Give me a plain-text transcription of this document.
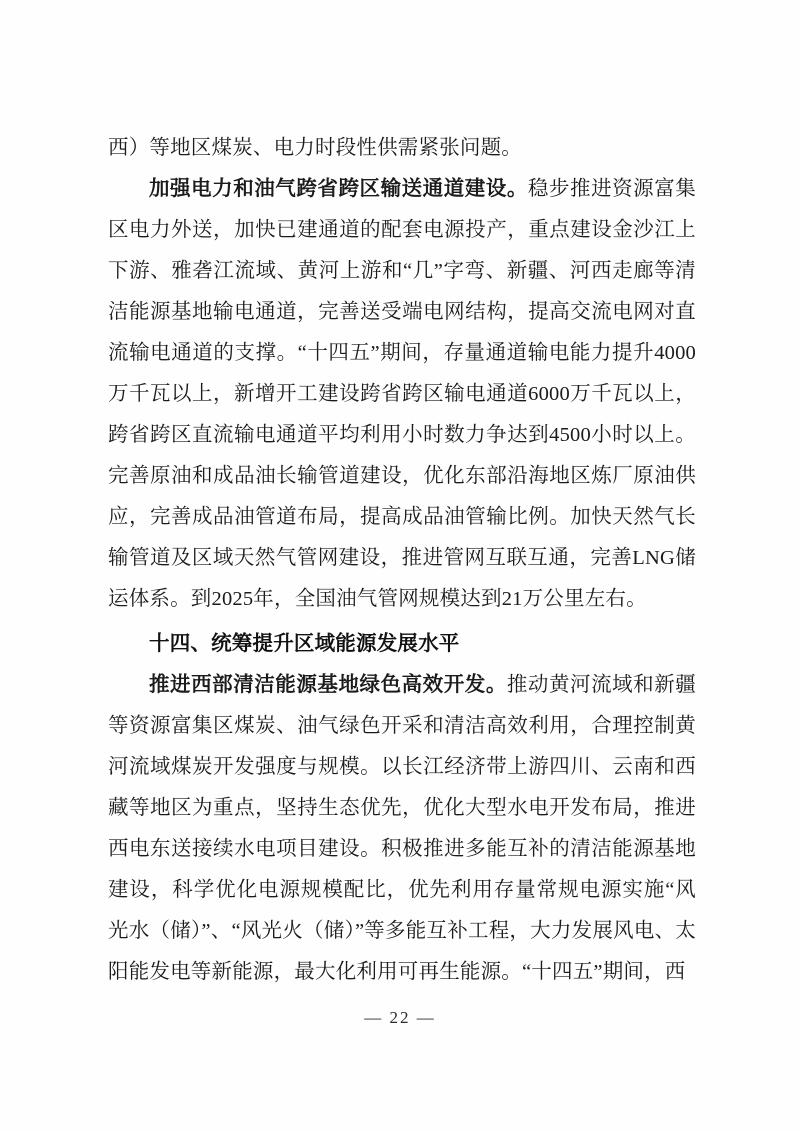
西）等地区煤炭、电力时段性供需紧张问题。

加强电力和油气跨省跨区输送通道建设。稳步推进资源富集区电力外送，加快已建通道的配套电源投产，重点建设金沙江上下游、雅砻江流域、黄河上游和“几”字弯、新疆、河西走廊等清洁能源基地输电通道，完善送受端电网结构，提高交流电网对直流输电通道的支撑。“十四五”期间，存量通道输电能力提升4000万千瓦以上，新增开工建设跨省跨区输电通道6000万千瓦以上，跨省跨区直流输电通道平均利用小时数力争达到4500小时以上。完善原油和成品油长输管道建设，优化东部沿海地区炼厂原油供应，完善成品油管道布局，提高成品油管输比例。加快天然气长输管道及区域天然气管网建设，推进管网互联互通，完善LNG储运体系。到2025年，全国油气管网规模达到21万公里左右。

十四、统筹提升区域能源发展水平

推进西部清洁能源基地绿色高效开发。推动黄河流域和新疆等资源富集区煤炭、油气绿色开采和清洁高效利用，合理控制黄河流域煤炭开发强度与规模。以长江经济带上游四川、云南和西藏等地区为重点，坚持生态优先，优化大型水电开发布局，推进西电东送接续水电项目建设。积极推进多能互补的清洁能源基地建设，科学优化电源规模配比，优先利用存量常规电源实施“风光水（储）”、“风光火（储）”等多能互补工程，大力发展风电、太阳能发电等新能源，最大化利用可再生能源。“十四五”期间，西

— 22 —
